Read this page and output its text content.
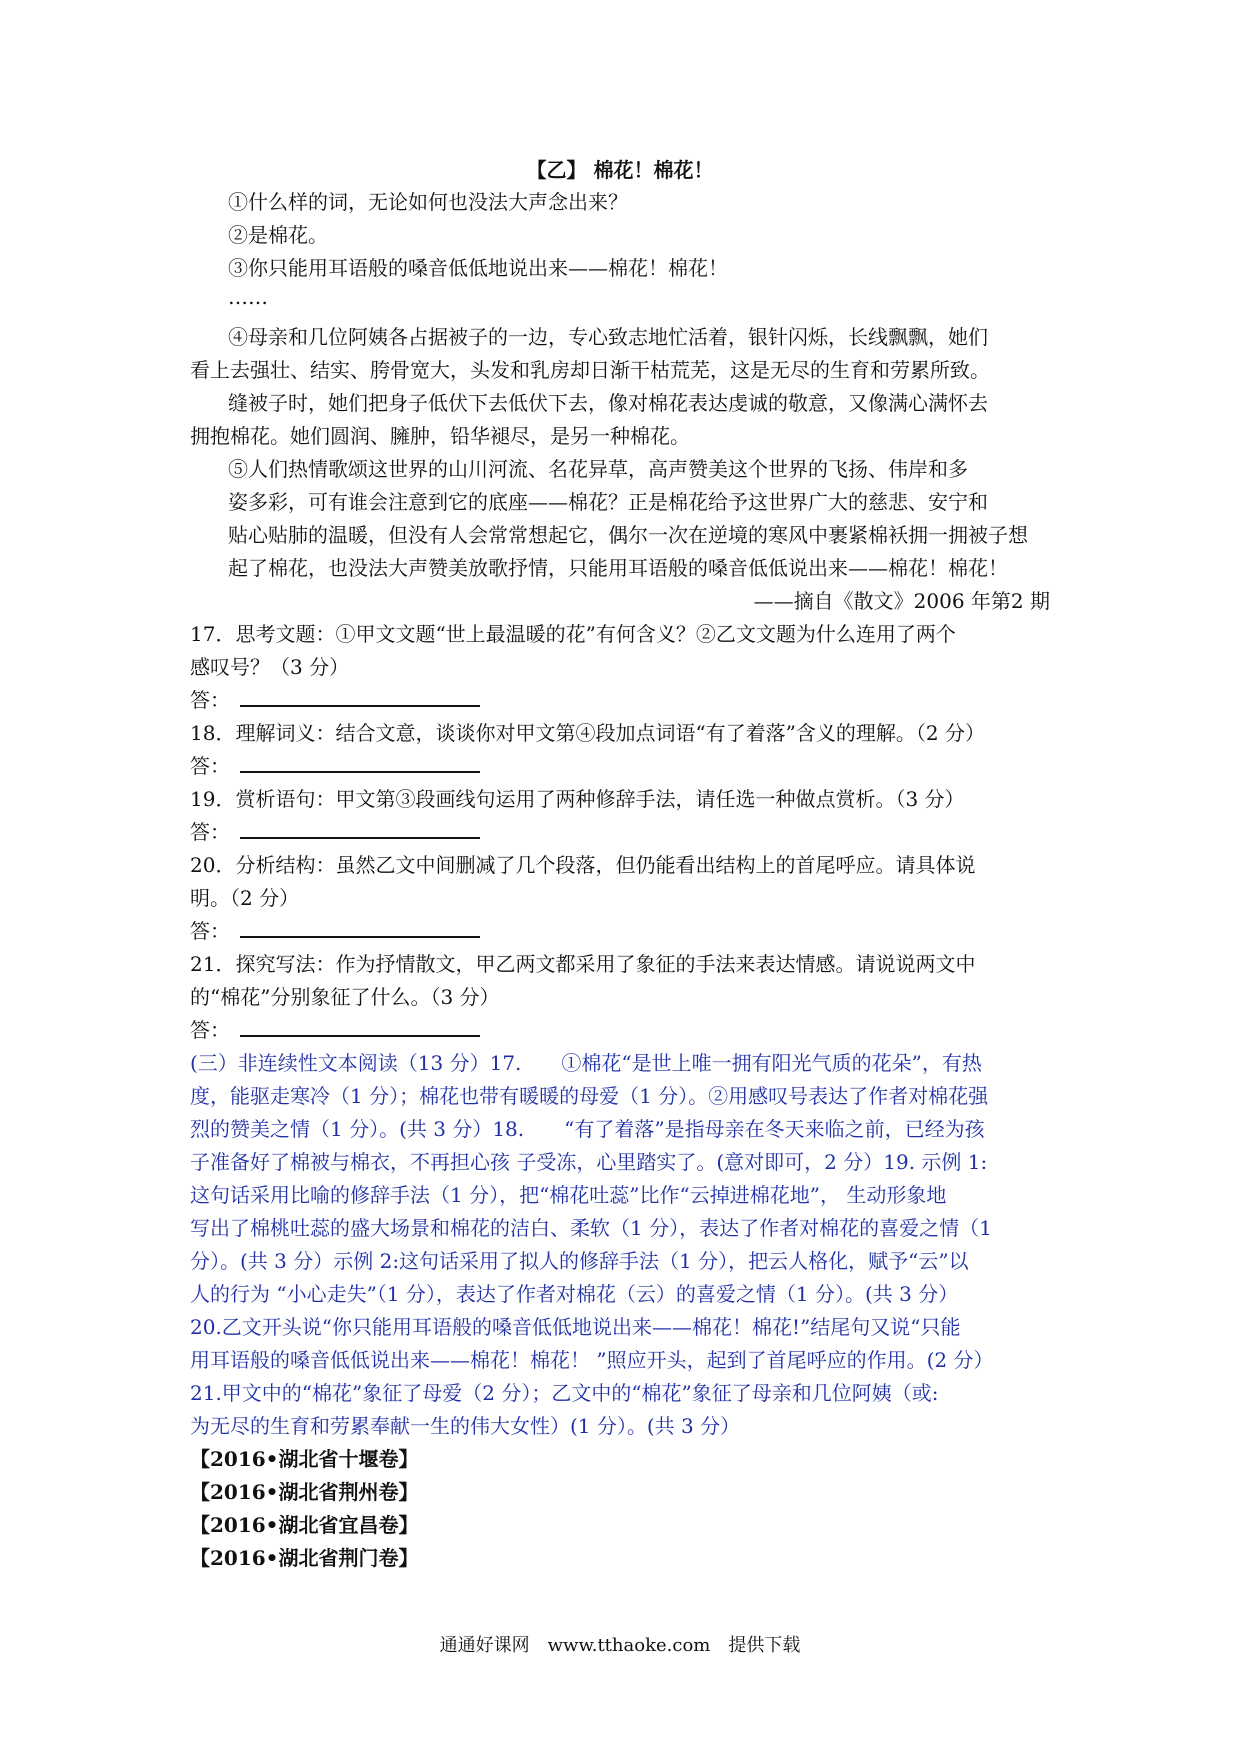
【乙】 棉花！棉花！
①什么样的词，无论如何也没法大声念出来？
②是棉花。
③你只能用耳语般的嗓音低低地说出来——棉花！棉花！
……
④母亲和几位阿姨各占据被子的一边，专心致志地忙活着，银针闪烁，长线飘飘，她们
看上去强壮、结实、胯骨宽大，头发和乳房却日渐干枯荒芜，这是无尽的生育和劳累所致。
缝被子时，她们把身子低伏下去低伏下去，像对棉花表达虔诚的敬意，又像满心满怀去
拥抱棉花。她们圆润、臃肿，铅华褪尽，是另一种棉花。
⑤人们热情歌颂这世界的山川河流、名花异草，高声赞美这个世界的飞扬、伟岸和多
姿多彩，可有谁会注意到它的底座——棉花？正是棉花给予这世界广大的慈悲、安宁和
贴心贴肺的温暖，但没有人会常常想起它，偶尔一次在逆境的寒风中裹紧棉袄拥一拥被子想
起了棉花，也没法大声赞美放歌抒情，只能用耳语般的嗓音低低说出来——棉花！棉花！
——摘自《散文》2006 年第2 期
17．思考文题：①甲文文题“世上最温暖的花”有何含义？②乙文文题为什么连用了两个
感叹号？（3 分）
答：
18．理解词义：结合文意，谈谈你对甲文第④段加点词语“有了着落”含义的理解。（2 分）
答：
19．赏析语句：甲文第③段画线句运用了两种修辞手法，请任选一种做点赏析。（3 分）
答：
20．分析结构：虽然乙文中间删减了几个段落，但仍能看出结构上的首尾呼应。请具体说
明。（2 分）
答：
21．探究写法：作为抒情散文，甲乙两文都采用了象征的手法来表达情感。请说说两文中
的“棉花”分别象征了什么。（3 分）
答：
(三）非连续性文本阅读（13 分）17.　　①棉花“是世上唯一拥有阳光气质的花朵”，有热
度，能驱走寒冷（1 分）；棉花也带有暖暖的母爱（1 分）。②用感叹号表达了作者对棉花强
烈的赞美之情（1 分）。(共 3 分）18.　　“有了着落”是指母亲在冬天来临之前，已经为孩
子准备好了棉被与棉衣，不再担心孩 子受冻，心里踏实了。(意对即可，2 分）19. 示例 1:
这句话采用比喻的修辞手法（1 分），把“棉花吐蕊”比作“云掉进棉花地”， 生动形象地
写出了棉桃吐蕊的盛大场景和棉花的洁白、柔软（1 分），表达了作者对棉花的喜爱之情（1
分）。(共 3 分）示例 2:这句话采用了拟人的修辞手法（1 分），把云人格化，赋予“云”以
人的行为 “小心走失”（1 分），表达了作者对棉花（云）的喜爱之情（1 分）。(共 3 分）
20.乙文开头说“你只能用耳语般的嗓音低低地说出来——棉花！棉花!”结尾句又说“只能
用耳语般的嗓音低低说出来——棉花！棉花！ ”照应开头，起到了首尾呼应的作用。(2 分）
21.甲文中的“棉花”象征了母爱（2 分）；乙文中的“棉花”象征了母亲和几位阿姨（或:
为无尽的生育和劳累奉献一生的伟大女性）(1 分）。(共 3 分）
【2016•湖北省十堰卷】
【2016•湖北省荆州卷】
【2016•湖北省宜昌卷】
【2016•湖北省荆门卷】
通通好课网　www.tthaoke.com　提供下载
